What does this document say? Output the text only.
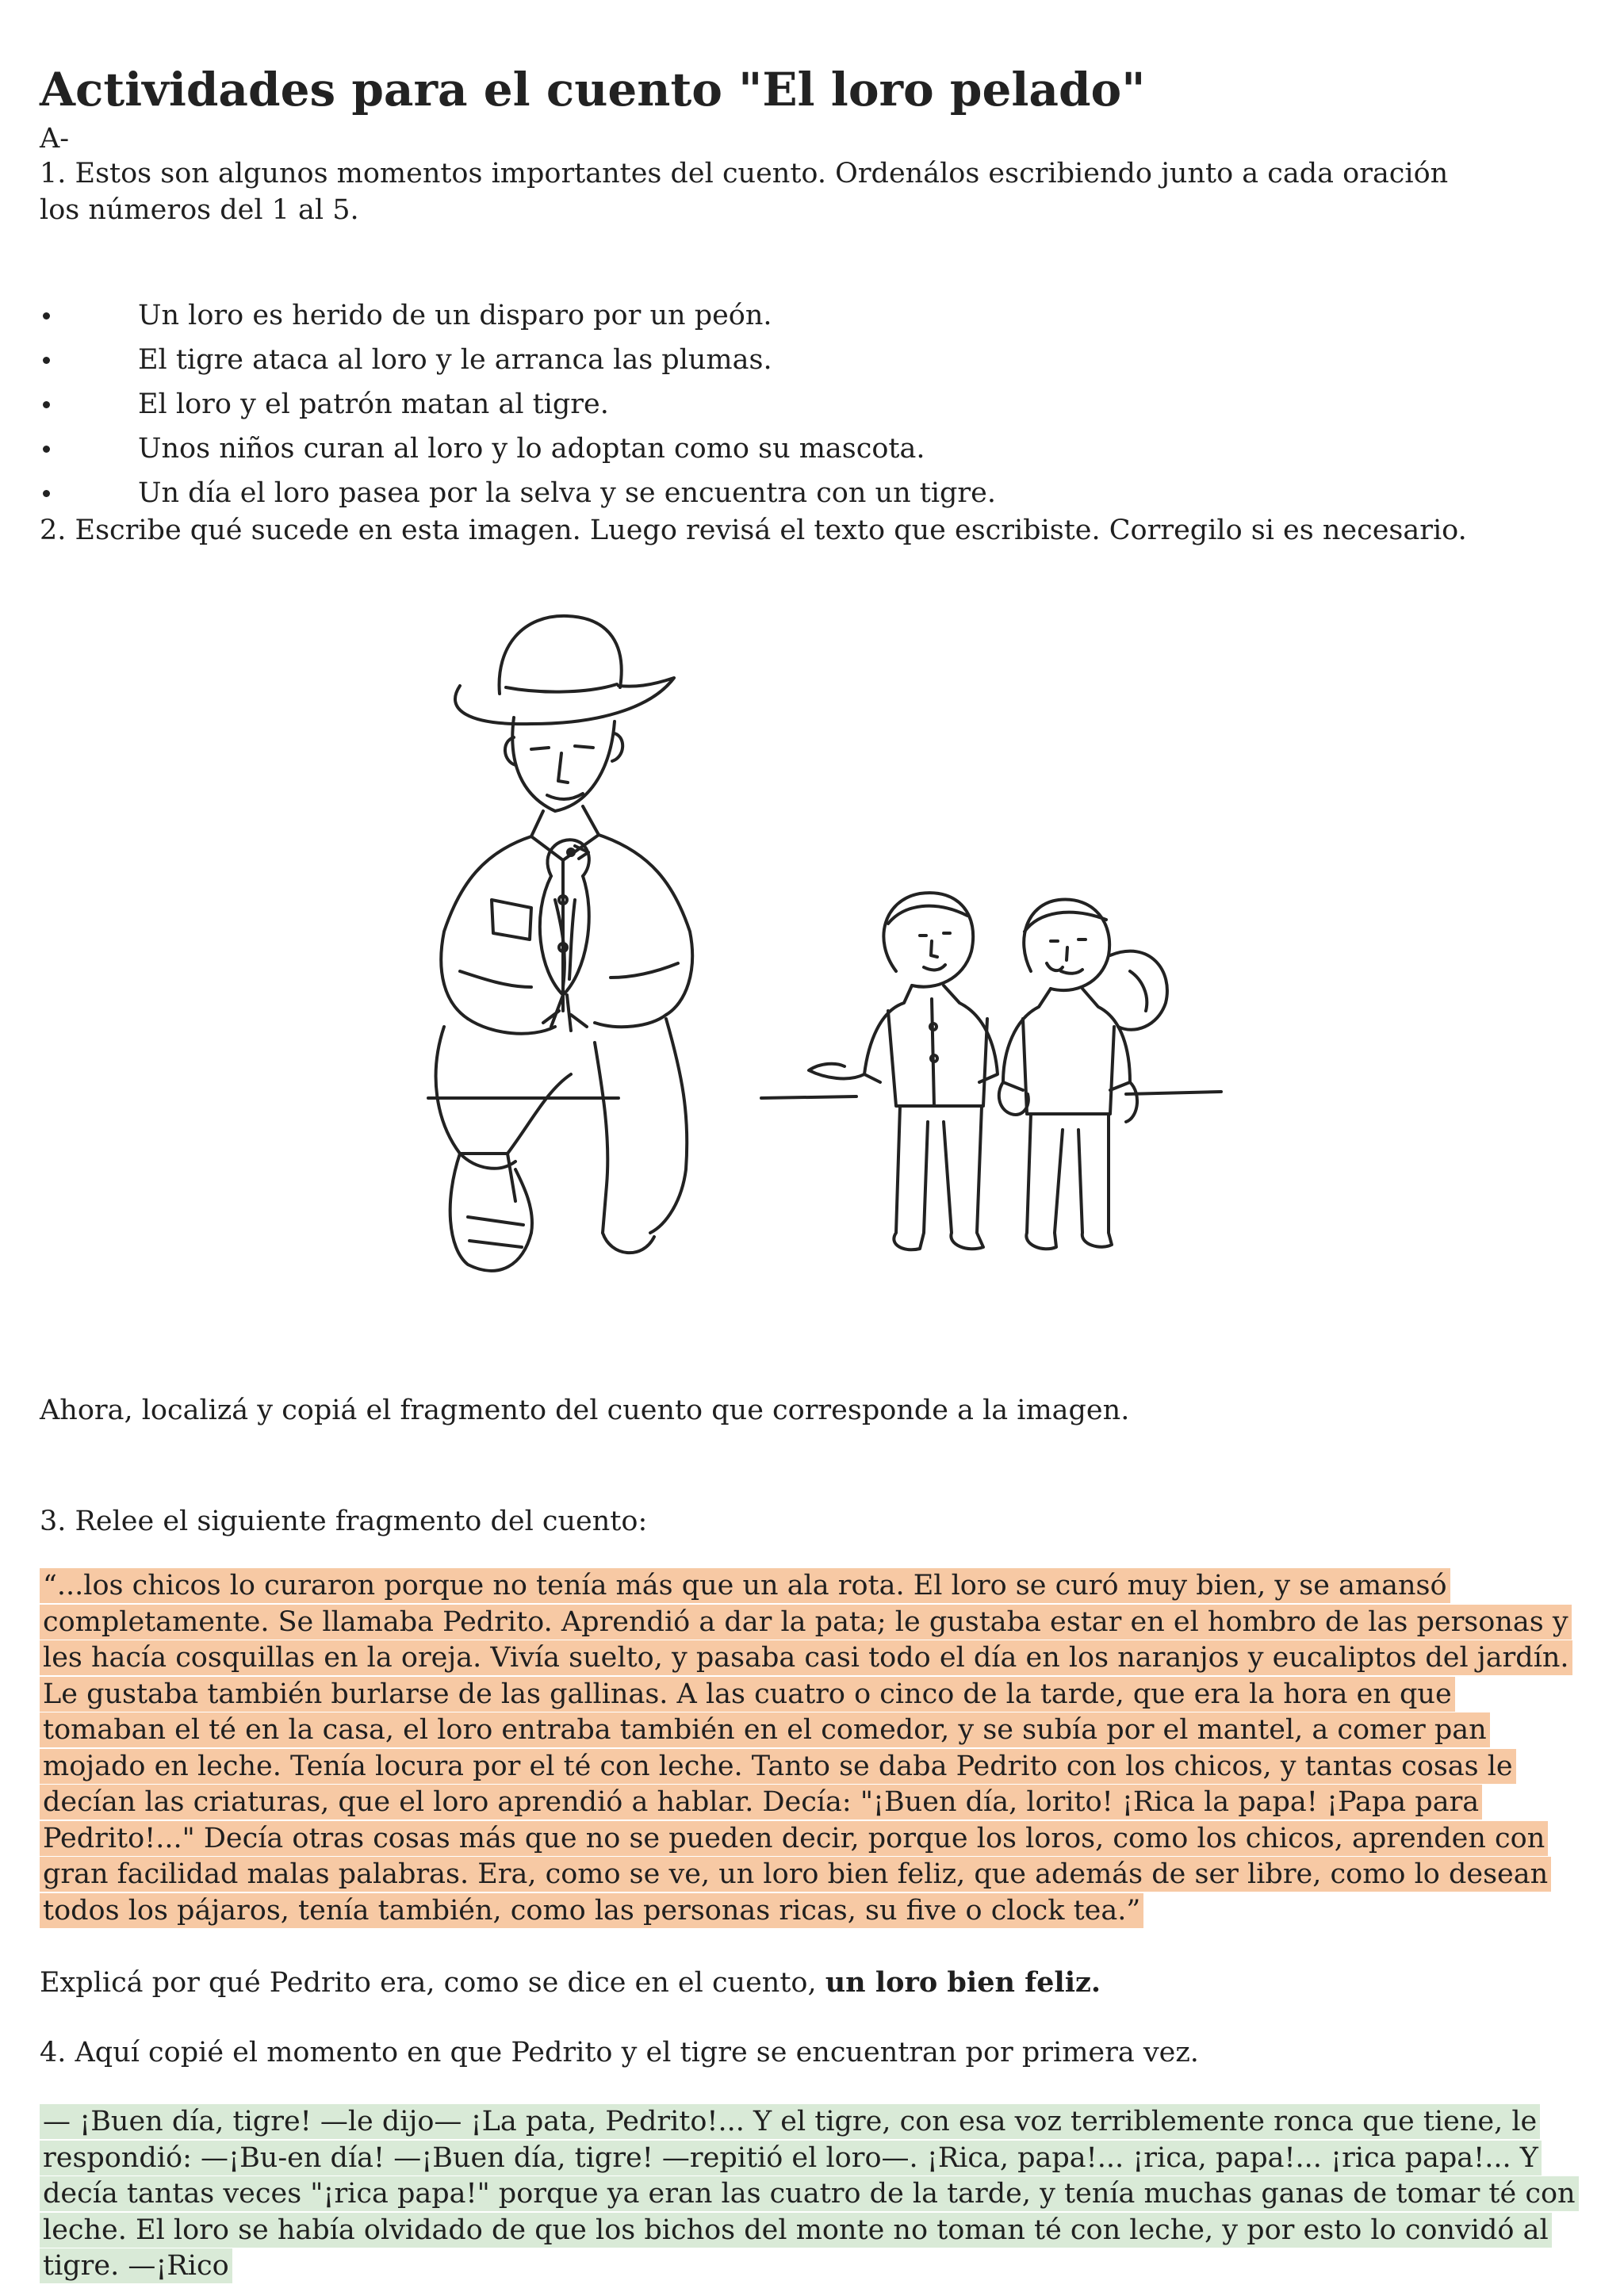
Actividades para el cuento "El loro pelado"

A-

1. Estos son algunos momentos importantes del cuento. Ordenálos escribiendo junto a cada oración los números del 1 al 5.

Un loro es herido de un disparo por un peón.
El tigre ataca al loro y le arranca las plumas.
El loro y el patrón matan al tigre.
Unos niños curan al loro y lo adoptan como su mascota.
Un día el loro pasea por la selva y se encuentra con un tigre.

2. Escribe qué sucede en esta imagen. Luego revisá el texto que escribiste. Corregilo si es necesario.

Ahora, localizá y copiá el fragmento del cuento que corresponde a la imagen.

3. Relee el siguiente fragmento del cuento:

“...los chicos lo curaron porque no tenía más que un ala rota. El loro se curó muy bien, y se amansó completamente. Se llamaba Pedrito. Aprendió a dar la pata; le gustaba estar en el hombro de las personas y les hacía cosquillas en la oreja. Vivía suelto, y pasaba casi todo el día en los naranjos y eucaliptos del jardín. Le gustaba también burlarse de las gallinas. A las cuatro o cinco de la tarde, que era la hora en que tomaban el té en la casa, el loro entraba también en el comedor, y se subía por el mantel, a comer pan mojado en leche. Tenía locura por el té con leche. Tanto se daba Pedrito con los chicos, y tantas cosas le decían las criaturas, que el loro aprendió a hablar. Decía: "¡Buen día, lorito! ¡Rica la papa! ¡Papa para Pedrito!..." Decía otras cosas más que no se pueden decir, porque los loros, como los chicos, aprenden con gran facilidad malas palabras. Era, como se ve, un loro bien feliz, que además de ser libre, como lo desean todos los pájaros, tenía también, como las personas ricas, su five o clock tea.”

Explicá por qué Pedrito era, como se dice en el cuento, un loro bien feliz.

4. Aquí copié el momento en que Pedrito y el tigre se encuentran por primera vez.

— ¡Buen día, tigre! —le dijo— ¡La pata, Pedrito!... Y el tigre, con esa voz terriblemente ronca que tiene, le respondió: —¡Bu-en día! —¡Buen día, tigre! —repitió el loro—. ¡Rica, papa!... ¡rica, papa!... ¡rica papa!... Y decía tantas veces "¡rica papa!" porque ya eran las cuatro de la tarde, y tenía muchas ganas de tomar té con leche. El loro se había olvidado de que los bichos del monte no toman té con leche, y por esto lo convidó al tigre. —¡Rico
